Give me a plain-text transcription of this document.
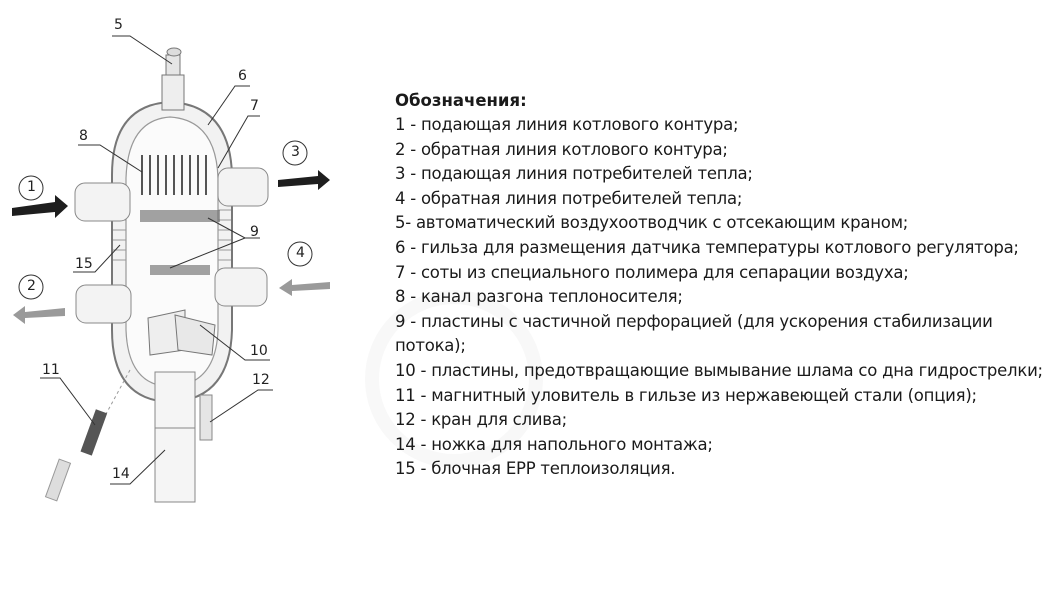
5
6
7
8
9
15
10
11
12
14
1
2
3
4

Обозначения:

1 - подающая линия котлового контура;

2 - обратная линия котлового контура;

3 - подающая линия потребителей тепла;

4 - обратная линия потребителей тепла;

5- автоматический воздухоотводчик с отсекающим краном;

6 - гильза для размещения датчика температуры котлового регулятора;

7 - соты из специального полимера для сепарации воздуха;

8 - канал разгона теплоносителя;

9 - пластины с частичной перфорацией (для ускорения стабилизации потока);

10 - пластины, предотвращающие вымывание шлама со дна гидрострелки;

11 - магнитный уловитель в гильзе из нержавеющей стали (опция);

12 - кран для слива;

14 - ножка для напольного монтажа;

15 - блочная EPP теплоизоляция.
